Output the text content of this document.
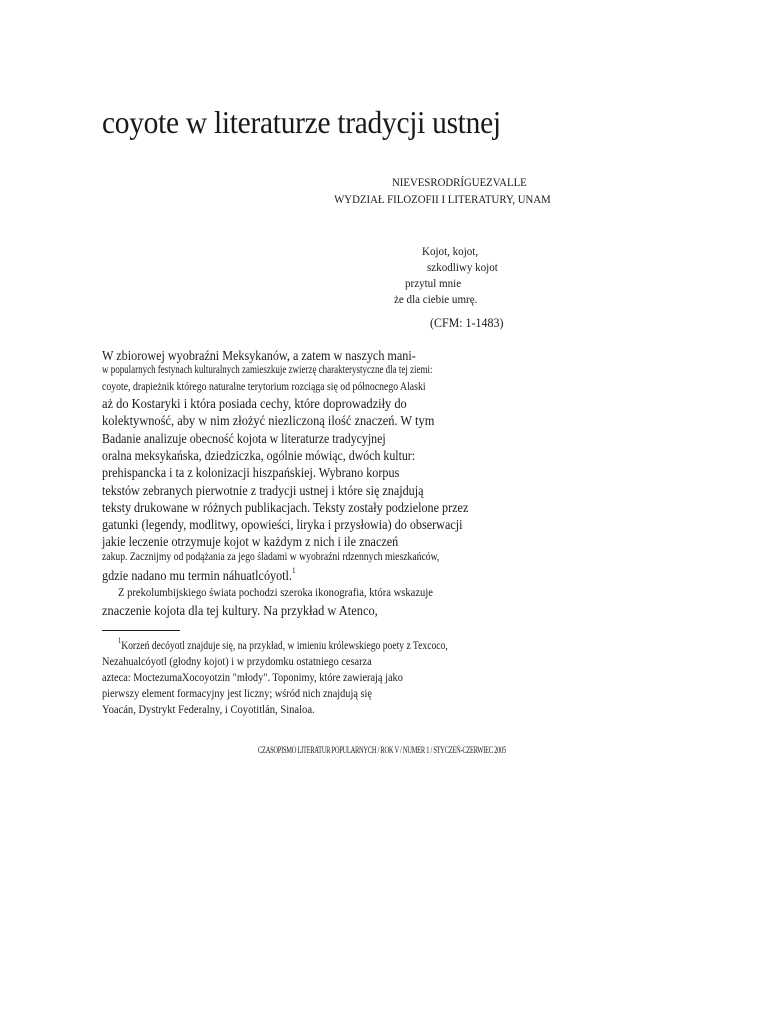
coyote w literaturze tradycji ustnej
NIEVESRODRÍGUEZVALLE
WYDZIAŁ FILOZOFII I LITERATURY, UNAM
Kojot, kojot,
szkodliwy kojot
przytul mnie
że dla ciebie umrę.
(CFM: 1-1483)
W zbiorowej wyobraźni Meksykanów, a zatem w naszych mani-
w popularnych festynach kulturalnych zamieszkuje zwierzę charakterystyczne dla tej ziemi:
coyote, drapieżnik którego naturalne terytorium rozciąga się od północnego Alaski
aż do Kostaryki i która posiada cechy, które doprowadziły do
kolektywność, aby w nim złożyć niezliczoną ilość znaczeń. W tym
Badanie analizuje obecność kojota w literaturze tradycyjnej
oralna meksykańska, dziedziczka, ogólnie mówiąc, dwóch kultur:
prehispancka i ta z kolonizacji hiszpańskiej. Wybrano korpus
tekstów zebranych pierwotnie z tradycji ustnej i które się znajdują
teksty drukowane w różnych publikacjach. Teksty zostały podzielone przez
gatunki (legendy, modlitwy, opowieści, liryka i przysłowia) do obserwacji
jakie leczenie otrzymuje kojot w każdym z nich i ile znaczeń
zakup. Zacznijmy od podążania za jego śladami w wyobraźni rdzennych mieszkańców,
gdzie nadano mu termin náhuatlcóyotl.$^1$
Z prekolumbijskiego świata pochodzi szeroka ikonografia, która wskazuje
znaczenie kojota dla tej kultury. Na przykład w Atenco,
$^1$Korzeń decóyotl znajduje się, na przykład, w imieniu królewskiego poety z Texcoco,
Nezahualcóyotl (głodny kojot) i w przydomku ostatniego cesarza
azteca: MoctezumaXocoyotzin "młody". Toponimy, które zawierają jako
pierwszy element formacyjny jest liczny; wśród nich znajdują się
Yoacán, Dystrykt Federalny, i Coyotitlán, Sinaloa.
CZASOPISMO LITERATUR POPULARNYCH / ROK V / NUMER 1 / STYCZEŃ-CZERWIEC 2005
